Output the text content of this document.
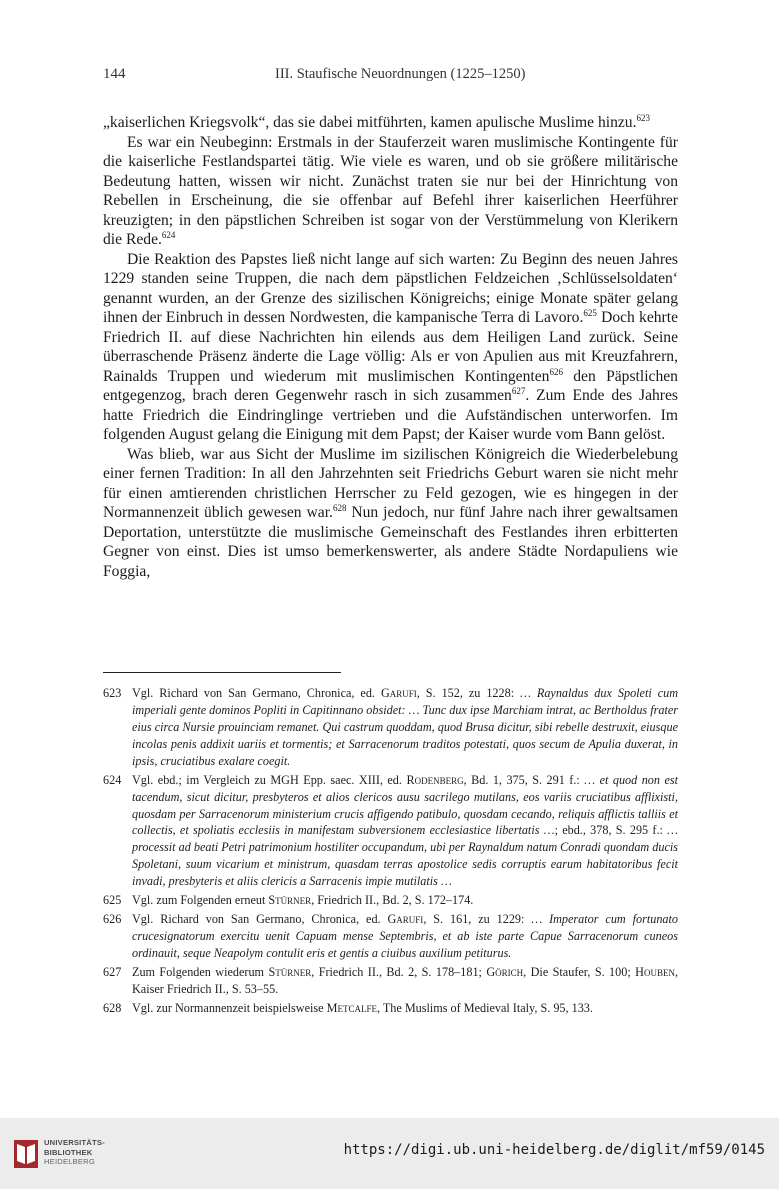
144	III. Staufische Neuordnungen (1225–1250)

„kaiserlichen Kriegsvolk“, das sie dabei mitführten, kamen apulische Muslime hinzu.$^{623}$

Es war ein Neubeginn: Erstmals in der Stauferzeit waren muslimische Kontingente für die kaiserliche Festlandspartei tätig. Wie viele es waren, und ob sie größere militärische Bedeutung hatten, wissen wir nicht. Zunächst traten sie nur bei der Hinrichtung von Rebellen in Erscheinung, die sie offenbar auf Befehl ihrer kaiserlichen Heerführer kreuzigten; in den päpstlichen Schreiben ist sogar von der Verstümmelung von Klerikern die Rede.$^{624}$

Die Reaktion des Papstes ließ nicht lange auf sich warten: Zu Beginn des neuen Jahres 1229 standen seine Truppen, die nach dem päpstlichen Feldzeichen ‚Schlüsselsoldaten‘ genannt wurden, an der Grenze des sizilischen Königreichs; einige Monate später gelang ihnen der Einbruch in dessen Nordwesten, die kampanische Terra di Lavoro.$^{625}$ Doch kehrte Friedrich II. auf diese Nachrichten hin eilends aus dem Heiligen Land zurück. Seine überraschende Präsenz änderte die Lage völlig: Als er von Apulien aus mit Kreuzfahrern, Rainalds Truppen und wiederum mit muslimischen Kontingenten$^{626}$ den Päpstlichen entgegenzog, brach deren Gegenwehr rasch in sich zusammen$^{627}$. Zum Ende des Jahres hatte Friedrich die Eindringlinge vertrieben und die Aufständischen unterworfen. Im folgenden August gelang die Einigung mit dem Papst; der Kaiser wurde vom Bann gelöst.

Was blieb, war aus Sicht der Muslime im sizilischen Königreich die Wiederbelebung einer fernen Tradition: In all den Jahrzehnten seit Friedrichs Geburt waren sie nicht mehr für einen amtierenden christlichen Herrscher zu Feld gezogen, wie es hingegen in der Normannenzeit üblich gewesen war.$^{628}$ Nun jedoch, nur fünf Jahre nach ihrer gewaltsamen Deportation, unterstützte die muslimische Gemeinschaft des Festlandes ihren erbitterten Gegner von einst. Dies ist umso bemerkenswerter, als andere Städte Nordapuliens wie Foggia,

623 Vgl. Richard von San Germano, Chronica, ed. Garufi, S. 152, zu 1228: … Raynaldus dux Spoleti cum imperiali gente dominos Popliti in Capitinnano obsidet: … Tunc dux ipse Marchiam intrat, ac Bertholdus frater eius circa Nursie prouinciam remanet. Qui castrum quoddam, quod Brusa dicitur, sibi rebelle destruxit, eiusque incolas penis addixit uariis et tormentis; et Sarracenorum traditos potestati, quos secum de Apulia duxerat, in ipsis, cruciatibus exalare coegit.
624 Vgl. ebd.; im Vergleich zu MGH Epp. saec. XIII, ed. Rodenberg, Bd. 1, 375, S. 291 f.: … et quod non est tacendum, sicut dicitur, presbyteros et alios clericos ausu sacrilego mutilans, eos variis cruciatibus afflixisti, quosdam per Sarracenorum ministerium crucis affigendo patibulo, quosdam cecando, reliquis afflictis talliis et collectis, et spoliatis ecclesiis in manifestam subversionem ecclesiastice libertatis …; ebd., 378, S. 295 f.: … processit ad beati Petri patrimonium hostiliter occupandum, ubi per Raynaldum natum Conradi quondam ducis Spoletani, suum vicarium et ministrum, quasdam terras apostolice sedis corruptis earum habitatoribus fecit invadi, presbyteris et aliis clericis a Sarracenis impie mutilatis …
625 Vgl. zum Folgenden erneut Stürner, Friedrich II., Bd. 2, S. 172–174.
626 Vgl. Richard von San Germano, Chronica, ed. Garufi, S. 161, zu 1229: … Imperator cum fortunato crucesignatorum exercitu uenit Capuam mense Septembris, et ab iste parte Capue Sarracenorum cuneos ordinauit, seque Neapolym contulit eris et gentis a ciuibus auxilium petiturus.
627 Zum Folgenden wiederum Stürner, Friedrich II., Bd. 2, S. 178–181; Görich, Die Staufer, S. 100; Houben, Kaiser Friedrich II., S. 53–55.
628 Vgl. zur Normannenzeit beispielsweise Metcalfe, The Muslims of Medieval Italy, S. 95, 133.
UNIVERSITÄTS-
BIBLIOTHEK
HEIDELBERG
https://digi.ub.uni-heidelberg.de/diglit/mf59/0145
